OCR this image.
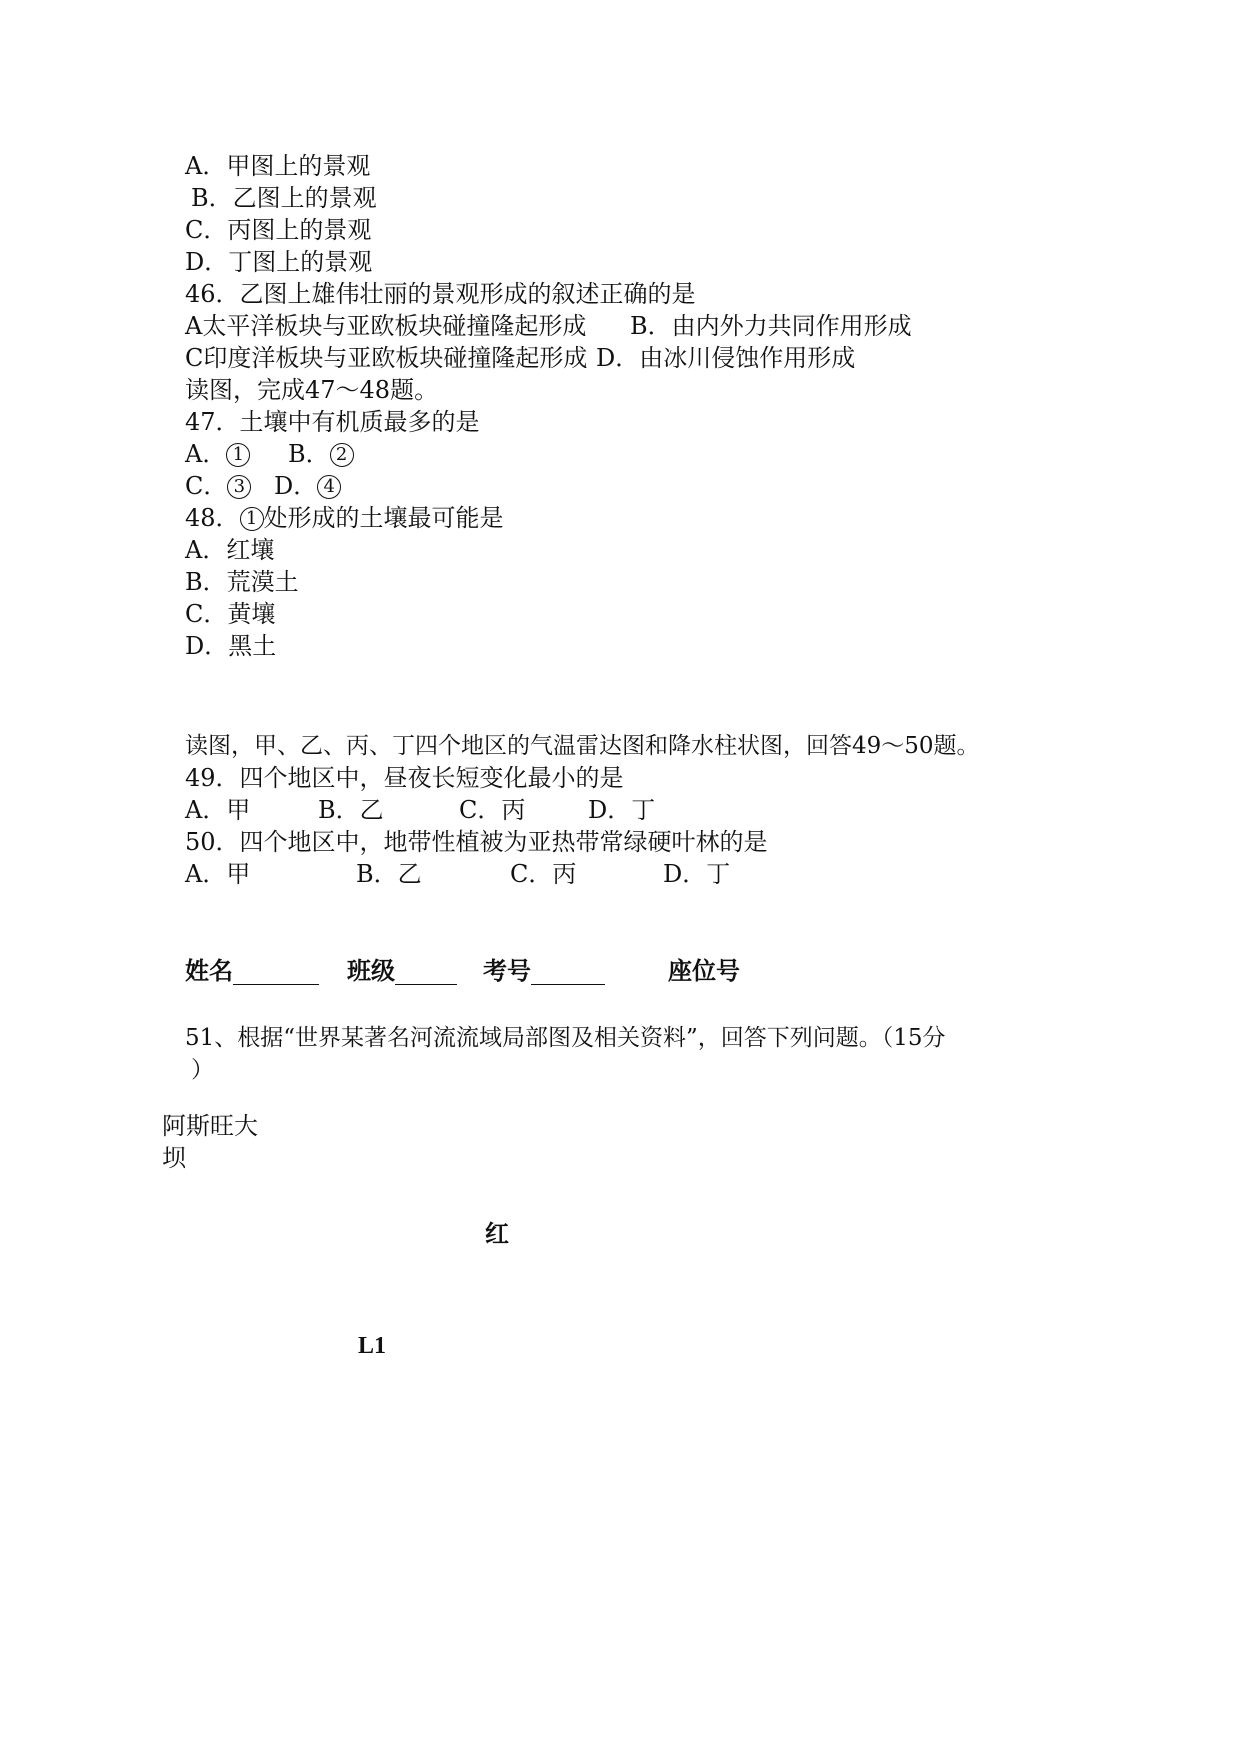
A．甲图上的景观
B．乙图上的景观
C．丙图上的景观
D．丁图上的景观
46．乙图上雄伟壮丽的景观形成的叙述正确的是
A太平洋板块与亚欧板块碰撞隆起形成 B．由内外力共同作用形成
C印度洋板块与亚欧板块碰撞隆起形成 D．由冰川侵蚀作用形成
读图，完成47～48题。
47．土壤中有机质最多的是
A． 1 B． 2
C． 3 D． 4
48． 1 处形成的土壤最可能是
A．红壤
B．荒漠土
C．黄壤
D．黑土
读图，甲、乙、丙、丁四个地区的气温雷达图和降水柱状图，回答49～50题。
49．四个地区中，昼夜长短变化最小的是
A．甲	B．乙	C．丙	D．丁
50．四个地区中，地带性植被为亚热带常绿硬叶林的是
A．甲	B．乙	C．丙	D．丁
姓名	班级	考号	座位号
51、根据“世界某著名河流流域局部图及相关资料”，回答下列问题。（15分
）
阿斯旺大
坝
红
L1
